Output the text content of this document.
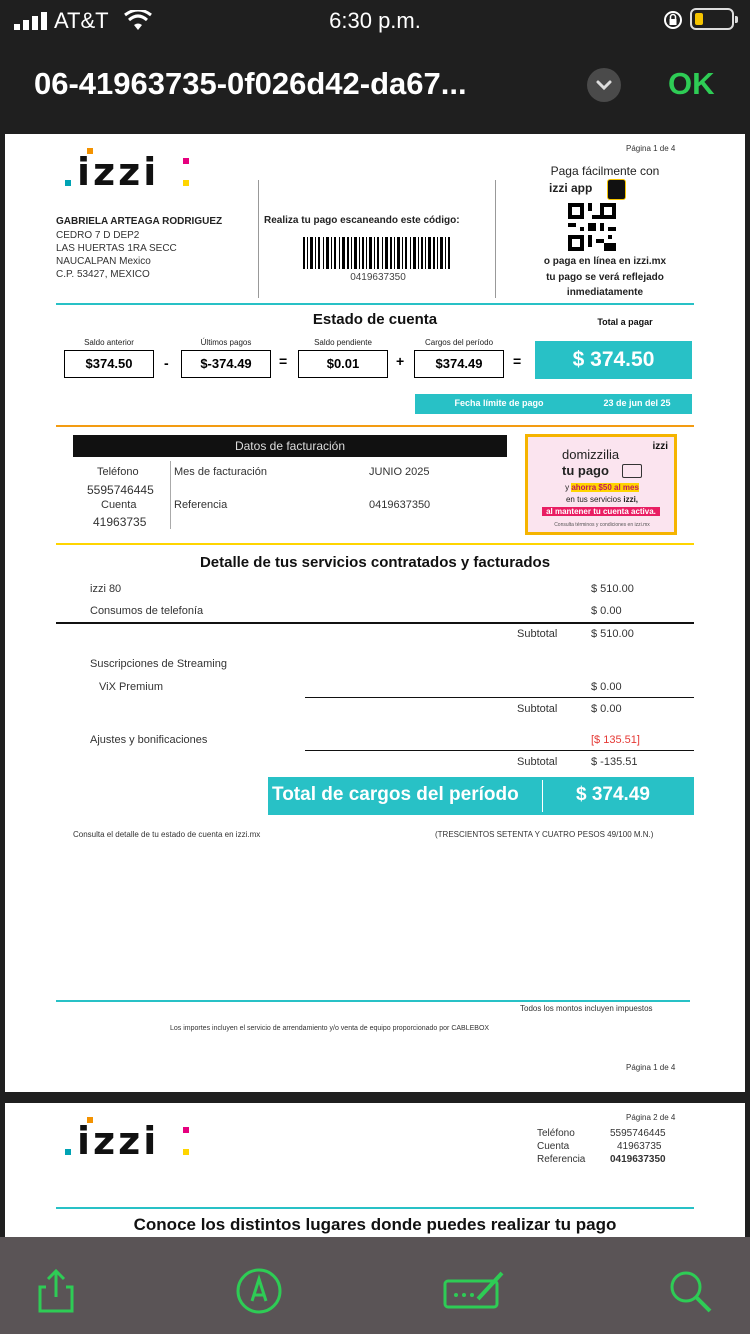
AT&T	6:30 p.m.
06-41963735-0f026d42-da67...	OK
Página 1 de 4
izzi
GABRIELA ARTEAGA RODRIGUEZ
CEDRO 7 D DEP2
LAS HUERTAS 1RA SECC
NAUCALPAN Mexico
C.P. 53427, MEXICO
Realiza tu pago escaneando este código:
0419637350
Paga fácilmente con
izzi app
o paga en línea en izzi.mx
tu pago se verá reflejado
inmediatamente
Estado de cuenta	Total a pagar
Saldo anterior
$374.50	-
Últimos pagos
$-374.49	=
Saldo pendiente
$0.01	+
Cargos del período
$374.49	=	$ 374.50
Fecha límite de pago	23 de jun del 25
Datos de facturación
Teléfono
5595746445
Cuenta
41963735
Mes de facturación	JUNIO 2025
Referencia	0419637350
izzi
domizzilia
tu pago
y ahorra $50 al mes
en tus servicios izzi,
al mantener tu cuenta activa.
Consulta términos y condiciones en izzi.mx
Detalle de tus servicios contratados y facturados
izzi 80	$ 510.00
Consumos de telefonía	$ 0.00
Subtotal	$ 510.00
Suscripciones de Streaming
ViX Premium	$ 0.00
Subtotal	$ 0.00
Ajustes y bonificaciones	[$ 135.51]
Subtotal	$ -135.51
Total de cargos del período	$ 374.49
Consulta el detalle de tu estado de cuenta en izzi.mx	(TRESCIENTOS SETENTA Y CUATRO PESOS 49/100 M.N.)
Todos los montos incluyen impuestos
Los importes incluyen el servicio de arrendamiento y/o venta de equipo proporcionado por CABLEBOX
Página 1 de 4
Página 2 de 4
izzi	Teléfono	5595746445
Cuenta	41963735
Referencia 0419637350
Conoce los distintos lugares donde puedes realizar tu pago
